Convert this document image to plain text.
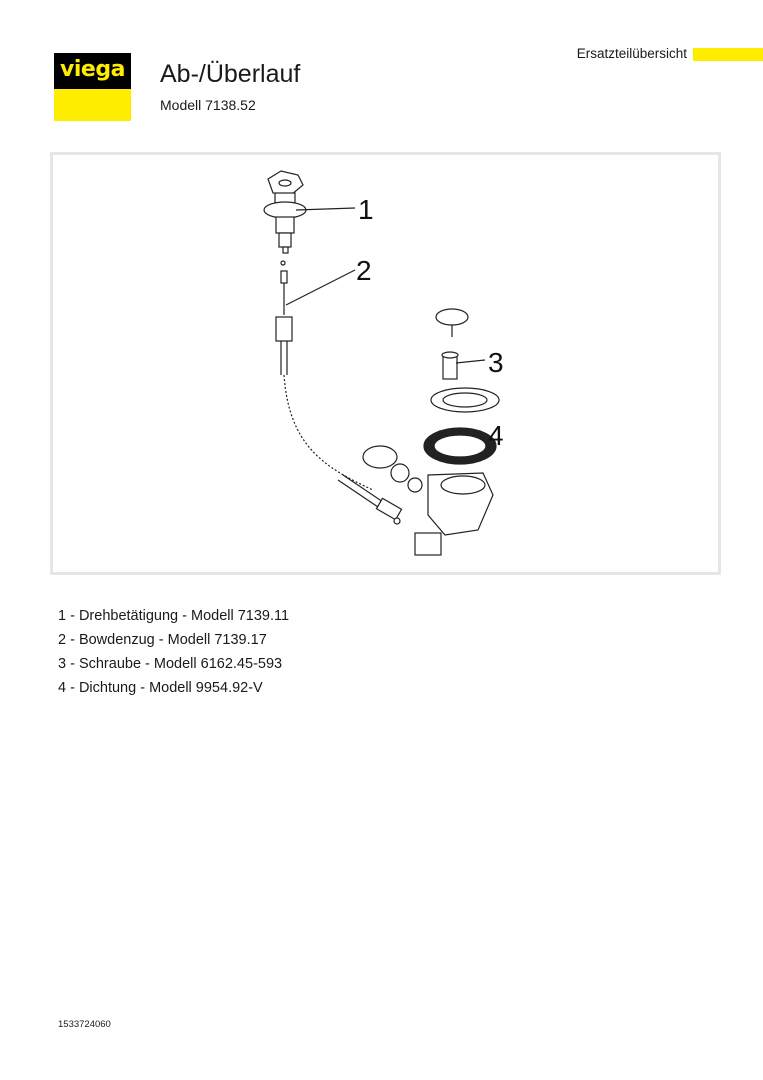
viega Ab-/Überlauf
Modell 7138.52
Ersatzteilübersicht
1
2
3
4
1 - Drehbetätigung - Modell 7139.11
2 - Bowdenzug - Modell 7139.17
3 - Schraube - Modell 6162.45-593
4 - Dichtung - Modell 9954.92-V
1533724060
